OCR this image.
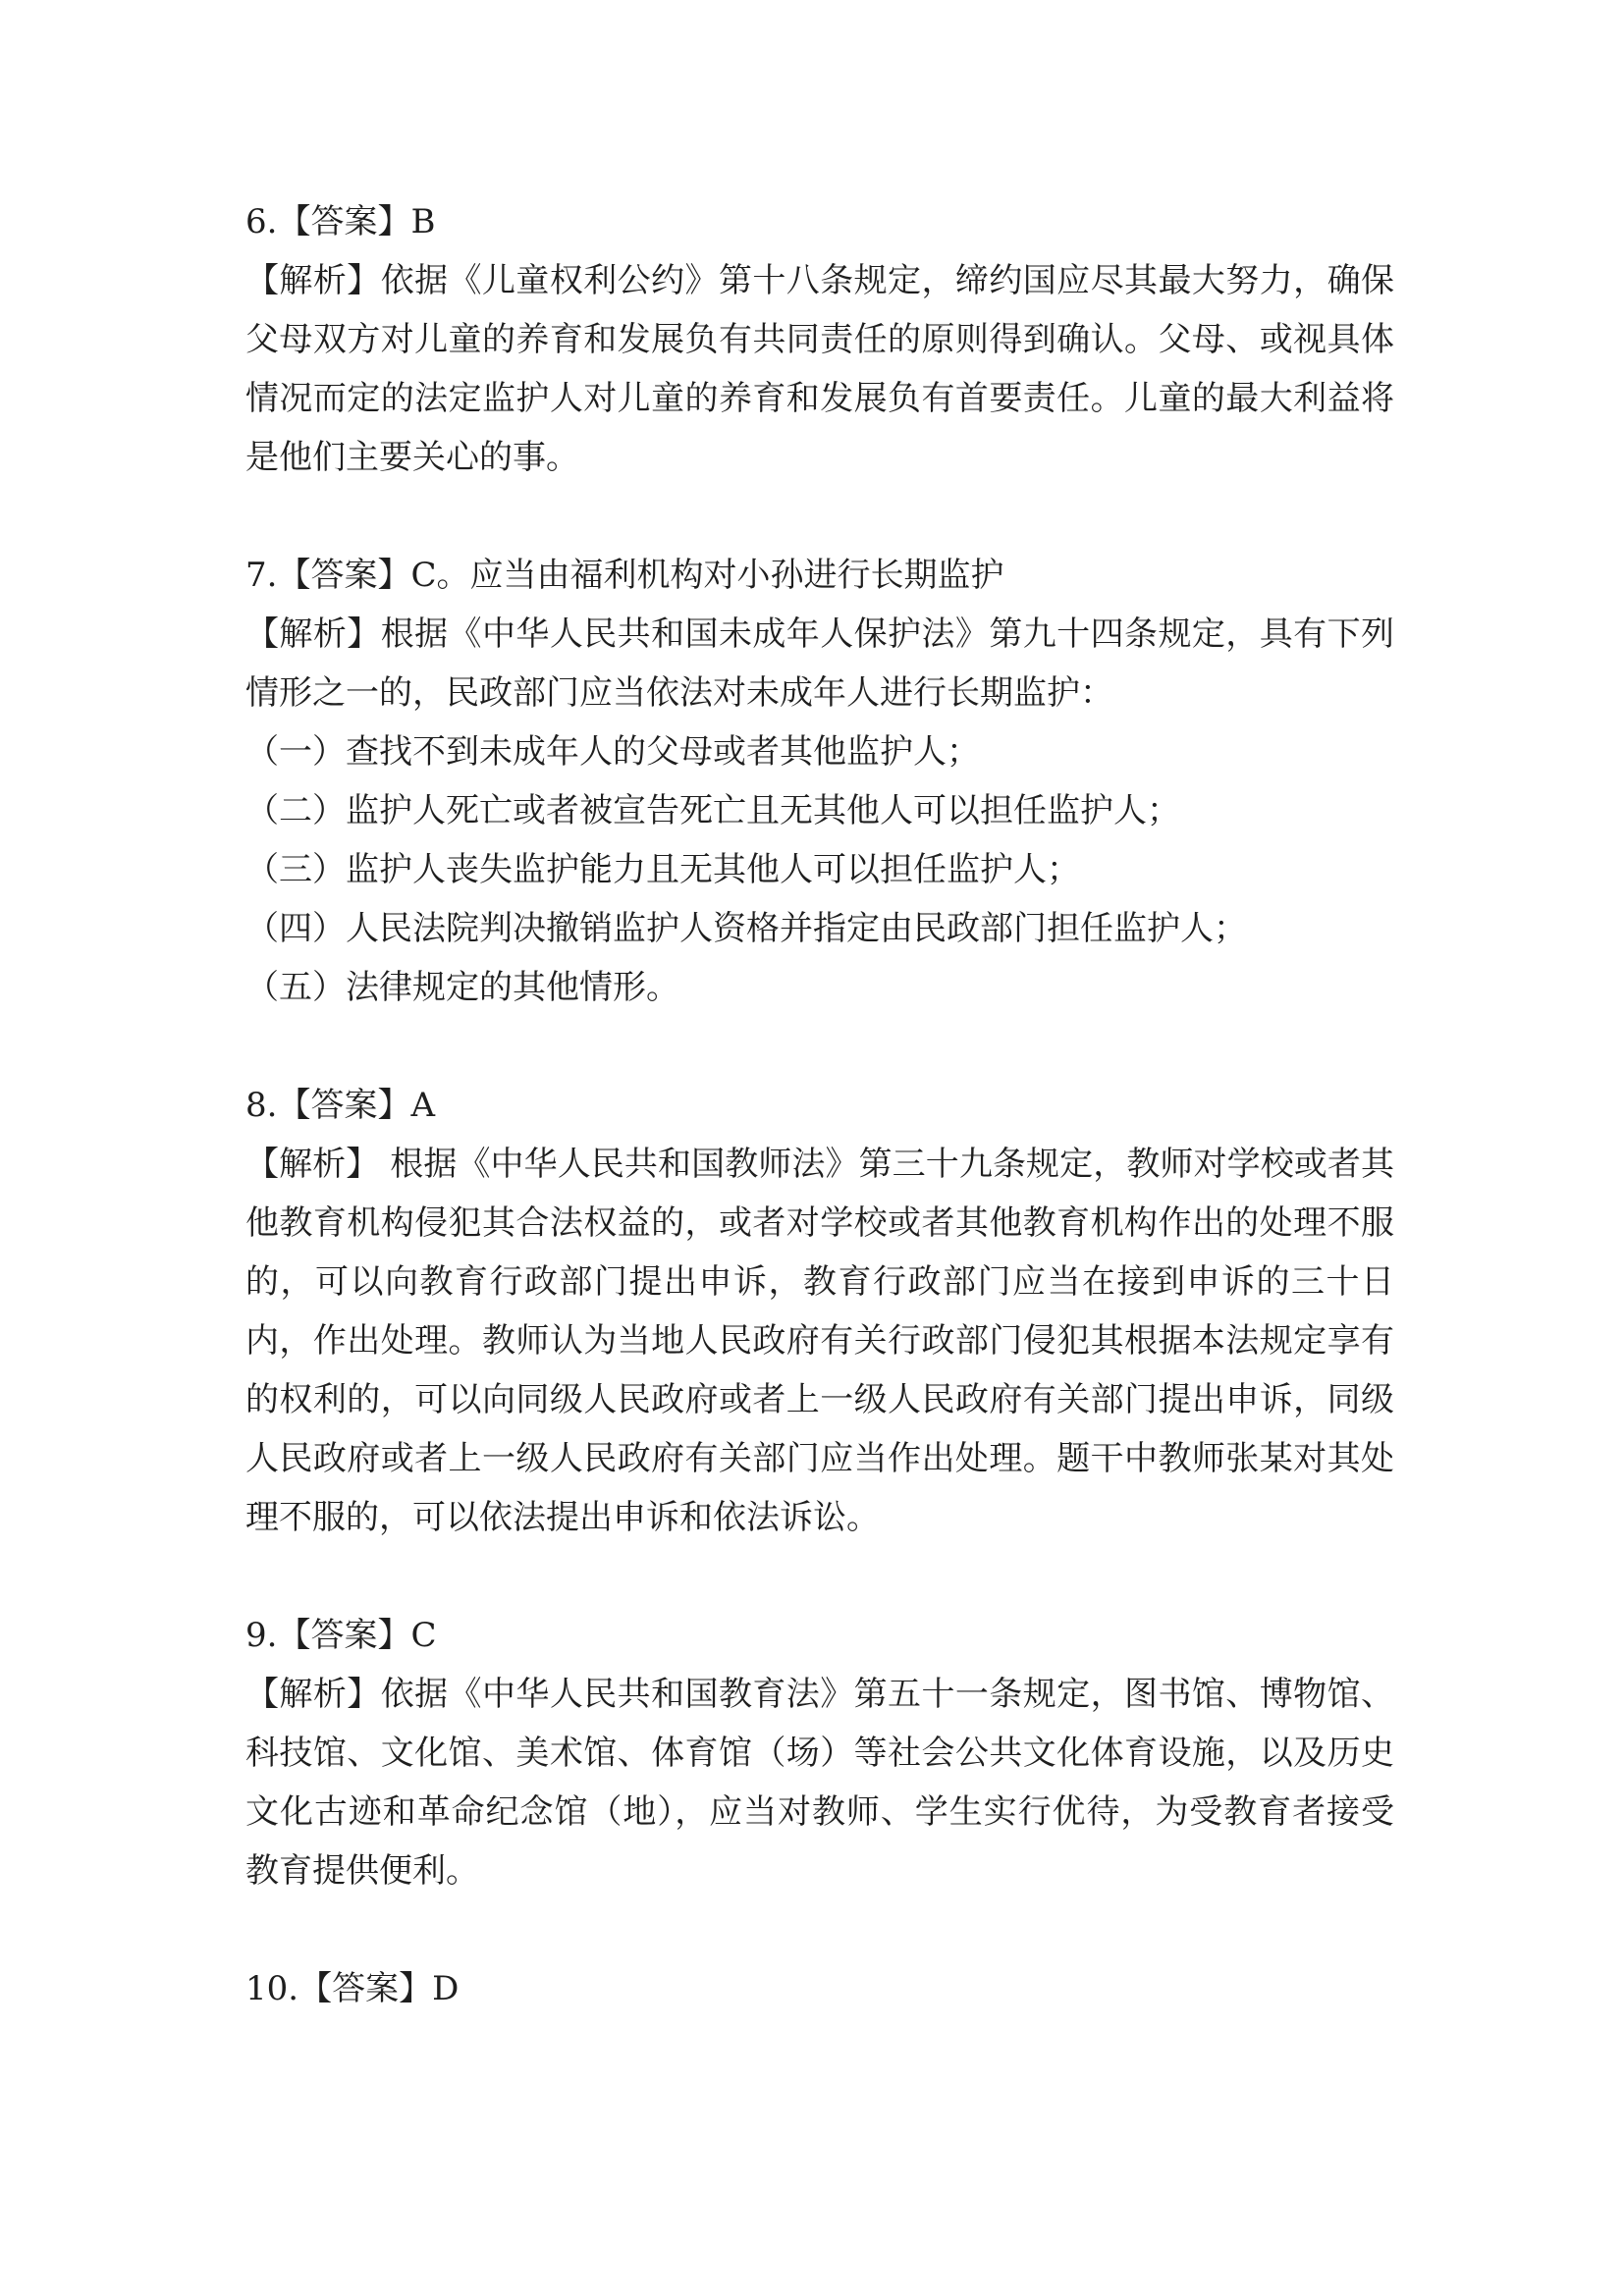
6.【答案】B
【解析】依据《儿童权利公约》第十八条规定，缔约国应尽其最大努力，确保父母双方对儿童的养育和发展负有共同责任的原则得到确认。父母、或视具体情况而定的法定监护人对儿童的养育和发展负有首要责任。儿童的最大利益将是他们主要关心的事。
7.【答案】C。应当由福利机构对小孙进行长期监护
【解析】根据《中华人民共和国未成年人保护法》第九十四条规定，具有下列情形之一的，民政部门应当依法对未成年人进行长期监护：
（一）查找不到未成年人的父母或者其他监护人；
（二）监护人死亡或者被宣告死亡且无其他人可以担任监护人；
（三）监护人丧失监护能力且无其他人可以担任监护人；
（四）人民法院判决撤销监护人资格并指定由民政部门担任监护人；
（五）法律规定的其他情形。
8.【答案】A
【解析】 根据《中华人民共和国教师法》第三十九条规定，教师对学校或者其他教育机构侵犯其合法权益的，或者对学校或者其他教育机构作出的处理不服的，可以向教育行政部门提出申诉，教育行政部门应当在接到申诉的三十日内，作出处理。教师认为当地人民政府有关行政部门侵犯其根据本法规定享有的权利的，可以向同级人民政府或者上一级人民政府有关部门提出申诉，同级人民政府或者上一级人民政府有关部门应当作出处理。题干中教师张某对其处理不服的，可以依法提出申诉和依法诉讼。
9.【答案】C
【解析】依据《中华人民共和国教育法》第五十一条规定，图书馆、博物馆、科技馆、文化馆、美术馆、体育馆（场）等社会公共文化体育设施，以及历史文化古迹和革命纪念馆（地），应当对教师、学生实行优待，为受教育者接受教育提供便利。
10.【答案】D
